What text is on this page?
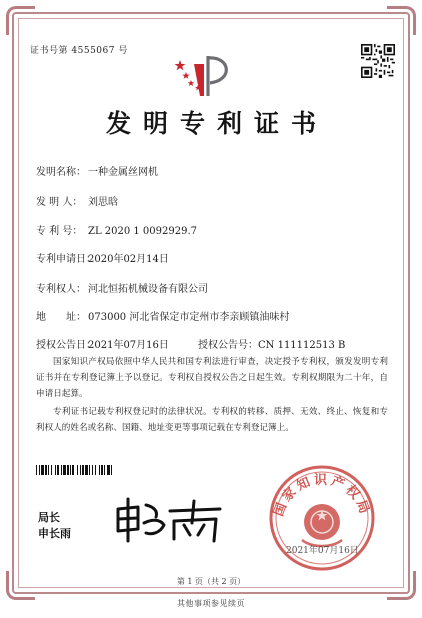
证书号第 4555067 号
发明专利证书
发明名称： 一种金属丝网机
发 明 人： 刘思晗
专 利 号： ZL 2020 1 0092929.7
专利申请日：2020年02月14日
专利权人： 河北恒拓机械设备有限公司
地　　址： 073000 河北省保定市定州市李亲顾镇油味村
授权公告日：2021年07月16日	授权公告号：CN 111112513 B
国家知识产权局依照中华人民共和国专利法进行审查，决定授予专利权，颁发发明专利证书并在专利登记簿上予以登记。专利权自授权公告之日起生效。专利权期限为二十年，自申请日起算。
专利证书记载专利权登记时的法律状况。专利权的转移、质押、无效、终止、恢复和专利权人的姓名或名称、国籍、地址变更等事项记载在专利登记簿上。
局长
申长雨
国家知识产权局
2021年07月16日
第 1 页（共 2 页）
其他事项参见续页
